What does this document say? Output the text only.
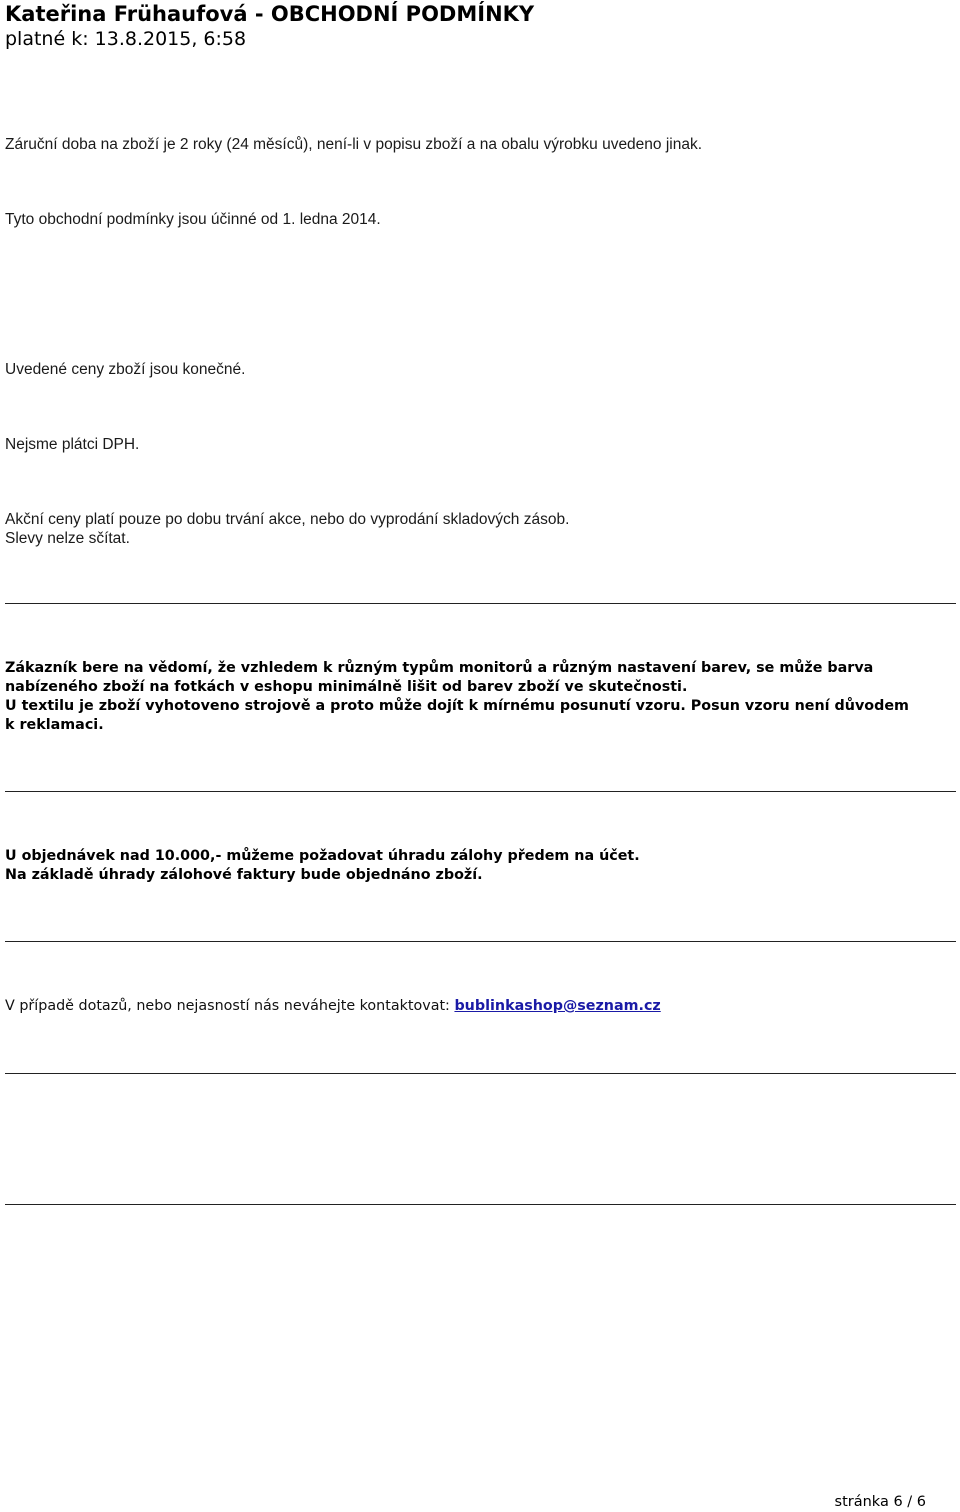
Kateřina Frühaufová - OBCHODNÍ PODMÍNKY
platné k: 13.8.2015, 6:58
Záruční doba na zboží je 2 roky (24 měsíců), není-li v popisu zboží a na obalu výrobku uvedeno jinak.
Tyto obchodní podmínky jsou účinné od 1. ledna 2014.
Uvedené ceny zboží jsou konečné.
Nejsme plátci DPH.
Akční ceny platí pouze po dobu trvání akce, nebo do vyprodání skladových zásob.
Slevy nelze sčítat.
Zákazník bere na vědomí, že vzhledem k různým typům monitorů a různým nastavení barev, se může barva
nabízeného zboží na fotkách v eshopu minimálně lišit od barev zboží ve skutečnosti.
U textilu je zboží vyhotoveno strojově a proto může dojít k mírnému posunutí vzoru. Posun vzoru není důvodem
k reklamaci.
U objednávek nad 10.000,- můžeme požadovat úhradu zálohy předem na účet.
Na základě úhrady zálohové faktury bude objednáno zboží.
V případě dotazů, nebo nejasností nás neváhejte kontaktovat: bublinkashop@seznam.cz
stránka 6 / 6
